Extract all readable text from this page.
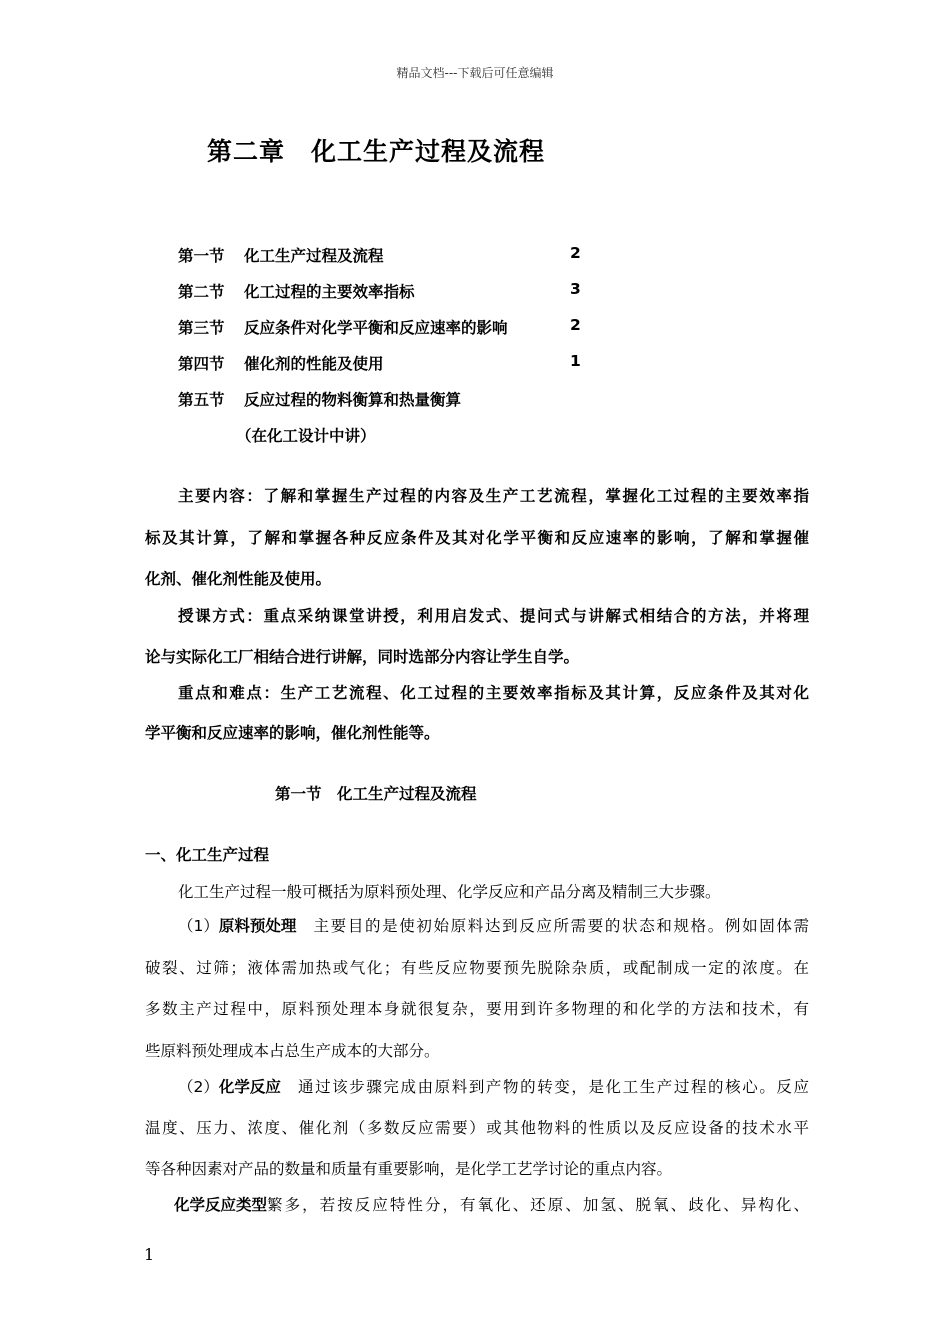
精品文档---下载后可任意编辑
第二章　化工生产过程及流程
第一节 化工生产过程及流程	2
第二节 化工过程的主要效率指标	3
第三节 反应条件对化学平衡和反应速率的影响	2
第四节 催化剂的性能及使用	1
第五节 反应过程的物料衡算和热量衡算
（在化工设计中讲）
主要内容：了解和掌握生产过程的内容及生产工艺流程，掌握化工过程的主要效率指
标及其计算，了解和掌握各种反应条件及其对化学平衡和反应速率的影响，了解和掌握催
化剂、催化剂性能及使用。
授课方式：重点采纳课堂讲授，利用启发式、提问式与讲解式相结合的方法，并将理
论与实际化工厂相结合进行讲解，同时选部分内容让学生自学。
重点和难点：生产工艺流程、化工过程的主要效率指标及其计算，反应条件及其对化
学平衡和反应速率的影响，催化剂性能等。
第一节　化工生产过程及流程
一、化工生产过程
化工生产过程一般可概括为原料预处理、化学反应和产品分离及精制三大步骤。
（1） 原料预处理 　主要目的是使初始原料达到反应所需要的状态和规格。例如固体需
破裂、过筛；液体需加热或气化；有些反应物要预先脱除杂质，或配制成一定的浓度。在
多数主产过程中，原料预处理本身就很复杂，要用到许多物理的和化学的方法和技术，有
些原料预处理成本占总生产成本的大部分。
（2） 化学反应 　通过该步骤完成由原料到产物的转变，是化工生产过程的核心。反应
温度、压力、浓度、催化剂（多数反应需要）或其他物料的性质以及反应设备的技术水平
等各种因素对产品的数量和质量有重要影响，是化学工艺学讨论的重点内容。
化学反应类型 繁多，若按反应特性分，有氧化、还原、加氢、脱氧、歧化、异构化、
1
